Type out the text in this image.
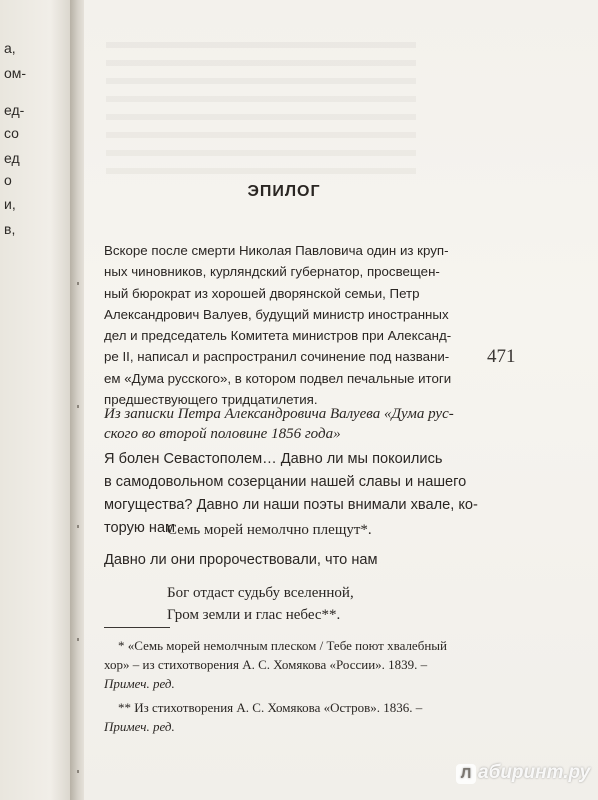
а,
ом-
ед-
со
ед
о
и,
в,
ЭПИЛОГ
Вскоре после смерти Николая Павловича один из круп-
ных чиновников, курляндский губернатор, просвещен-
ный бюрократ из хорошей дворянской семьи, Петр
Александрович Валуев, будущий министр иностранных
дел и председатель Комитета министров при Александ-
ре II, написал и распространил сочинение под названи-
ем «Дума русского», в котором подвел печальные итоги
предшествующего тридцатилетия.
471
Из записки Петра Александровича Валуева «Дума рус-
ского во второй половине 1856 года»
Я болен Севастополем… Давно ли мы покоились
в самодовольном созерцании нашей славы и нашего
могущества? Давно ли наши поэты внимали хвале, ко-
торую нам
Семь морей немолчно плещут*.
Давно ли они пророчествовали, что нам
Бог отдаст судьбу вселенной,
Гром земли и глас небес**.
* «Семь морей немолчным плеском / Тебе поют хвалебный
хор» – из стихотворения А. С. Хомякова «России». 1839. –
Примеч. ред.
** Из стихотворения А. С. Хомякова «Остров». 1836. –
Примеч. ред.
Л абиринт.ру
